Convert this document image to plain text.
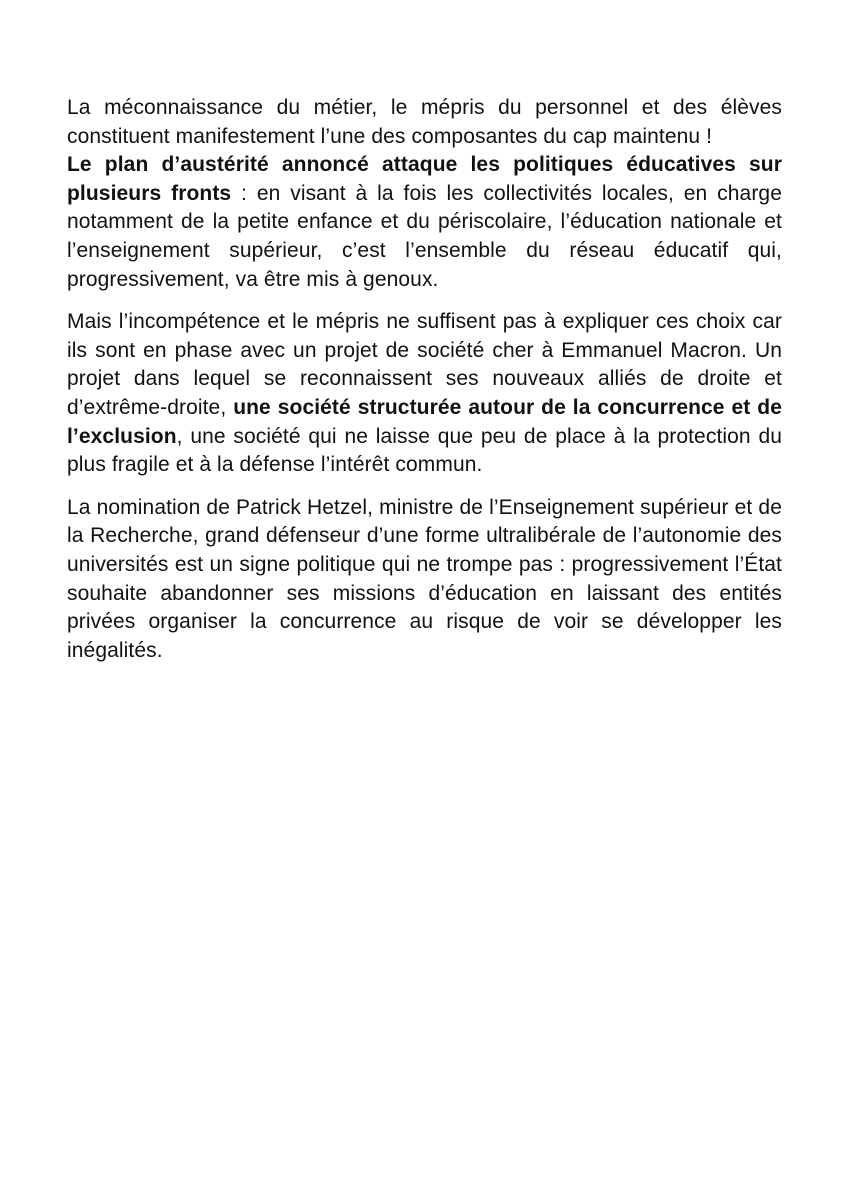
La méconnaissance du métier, le mépris du personnel et des élèves constituent manifestement l’une des composantes du cap maintenu !

Le plan d’austérité annoncé attaque les politiques éducatives sur plusieurs fronts : en visant à la fois les collectivités locales, en charge notamment de la petite enfance et du périscolaire, l’éducation nationale et l’enseignement supérieur, c’est l’ensemble du réseau éducatif qui, progressivement, va être mis à genoux.

Mais l’incompétence et le mépris ne suffisent pas à expliquer ces choix car ils sont en phase avec un projet de société cher à Emmanuel Macron. Un projet dans lequel se reconnaissent ses nouveaux alliés de droite et d’extrême-droite, une société structurée autour de la concurrence et de l’exclusion, une société qui ne laisse que peu de place à la protection du plus fragile et à la défense l’intérêt commun.

La nomination de Patrick Hetzel, ministre de l’Enseignement supérieur et de la Recherche, grand défenseur d’une forme ultralibérale de l’autonomie des universités est un signe politique qui ne trompe pas : progressivement l’État souhaite abandonner ses missions d’éducation en laissant des entités privées organiser la concurrence au risque de voir se développer les inégalités.
